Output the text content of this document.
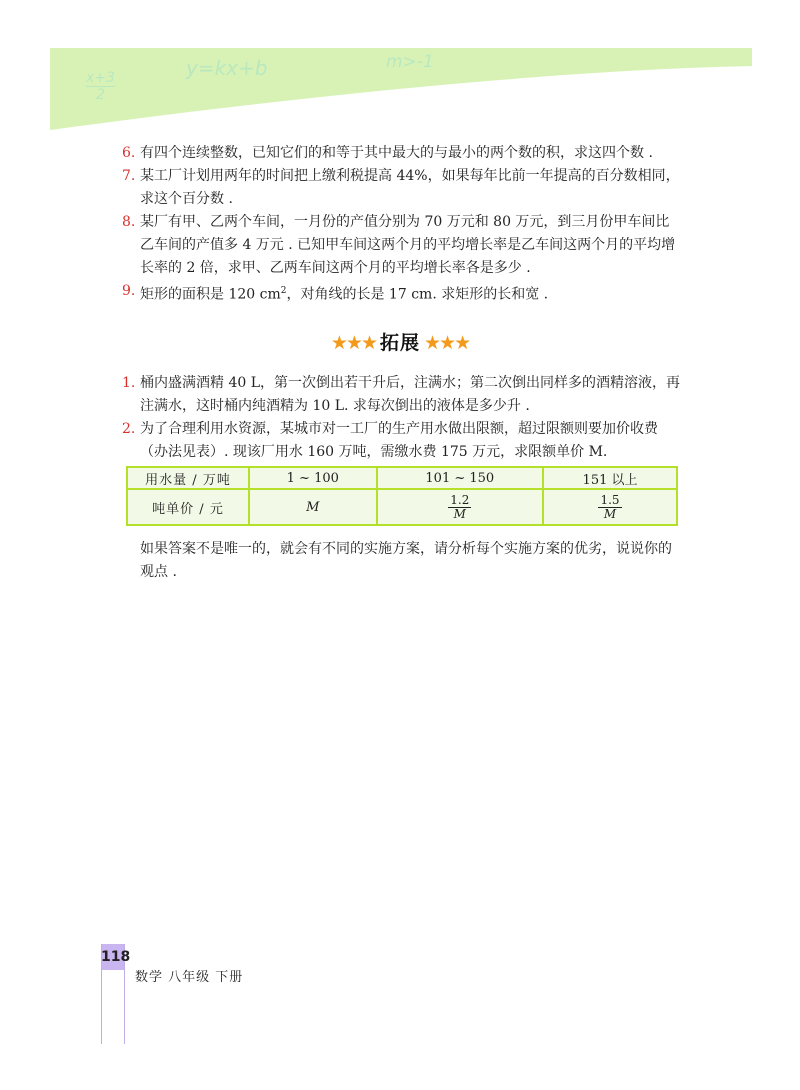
$\frac{x+3}{2}$
y=kx+b	m>-1
6. 有四个连续整数，已知它们的和等于其中最大的与最小的两个数的积，求这四个数 .
7. 某工厂计划用两年的时间把上缴利税提高 44%，如果每年比前一年提高的百分数相同，求这个百分数 .
8. 某厂有甲、乙两个车间，一月份的产值分别为 70 万元和 80 万元，到三月份甲车间比乙车间的产值多 4 万元 . 已知甲车间这两个月的平均增长率是乙车间这两个月的平均增长率的 2 倍，求甲、乙两车间这两个月的平均增长率各是多少 .
9. 矩形的面积是 120 $cm^2$，对角线的长是 17 cm. 求矩形的长和宽 .
★★★ 拓展 ★★★
1. 桶内盛满酒精 40 L，第一次倒出若干升后，注满水；第二次倒出同样多的酒精溶液，再注满水，这时桶内纯酒精为 10 L. 求每次倒出的液体是多少升 .
2. 为了合理利用水资源，某城市对一工厂的生产用水做出限额，超过限额则要加价收费（办法见表）. 现该厂用水 160 万吨，需缴水费 175 万元，求限额单价 M.
用水量 / 万吨	1 ~ 100	101 ~ 150	151 以上
吨单价 / 元	M	$\frac{1.2}{M}$	$\frac{1.5}{M}$
如果答案不是唯一的，就会有不同的实施方案，请分析每个实施方案的优劣，说说你的观点 .
118
数学 八年级 下册
